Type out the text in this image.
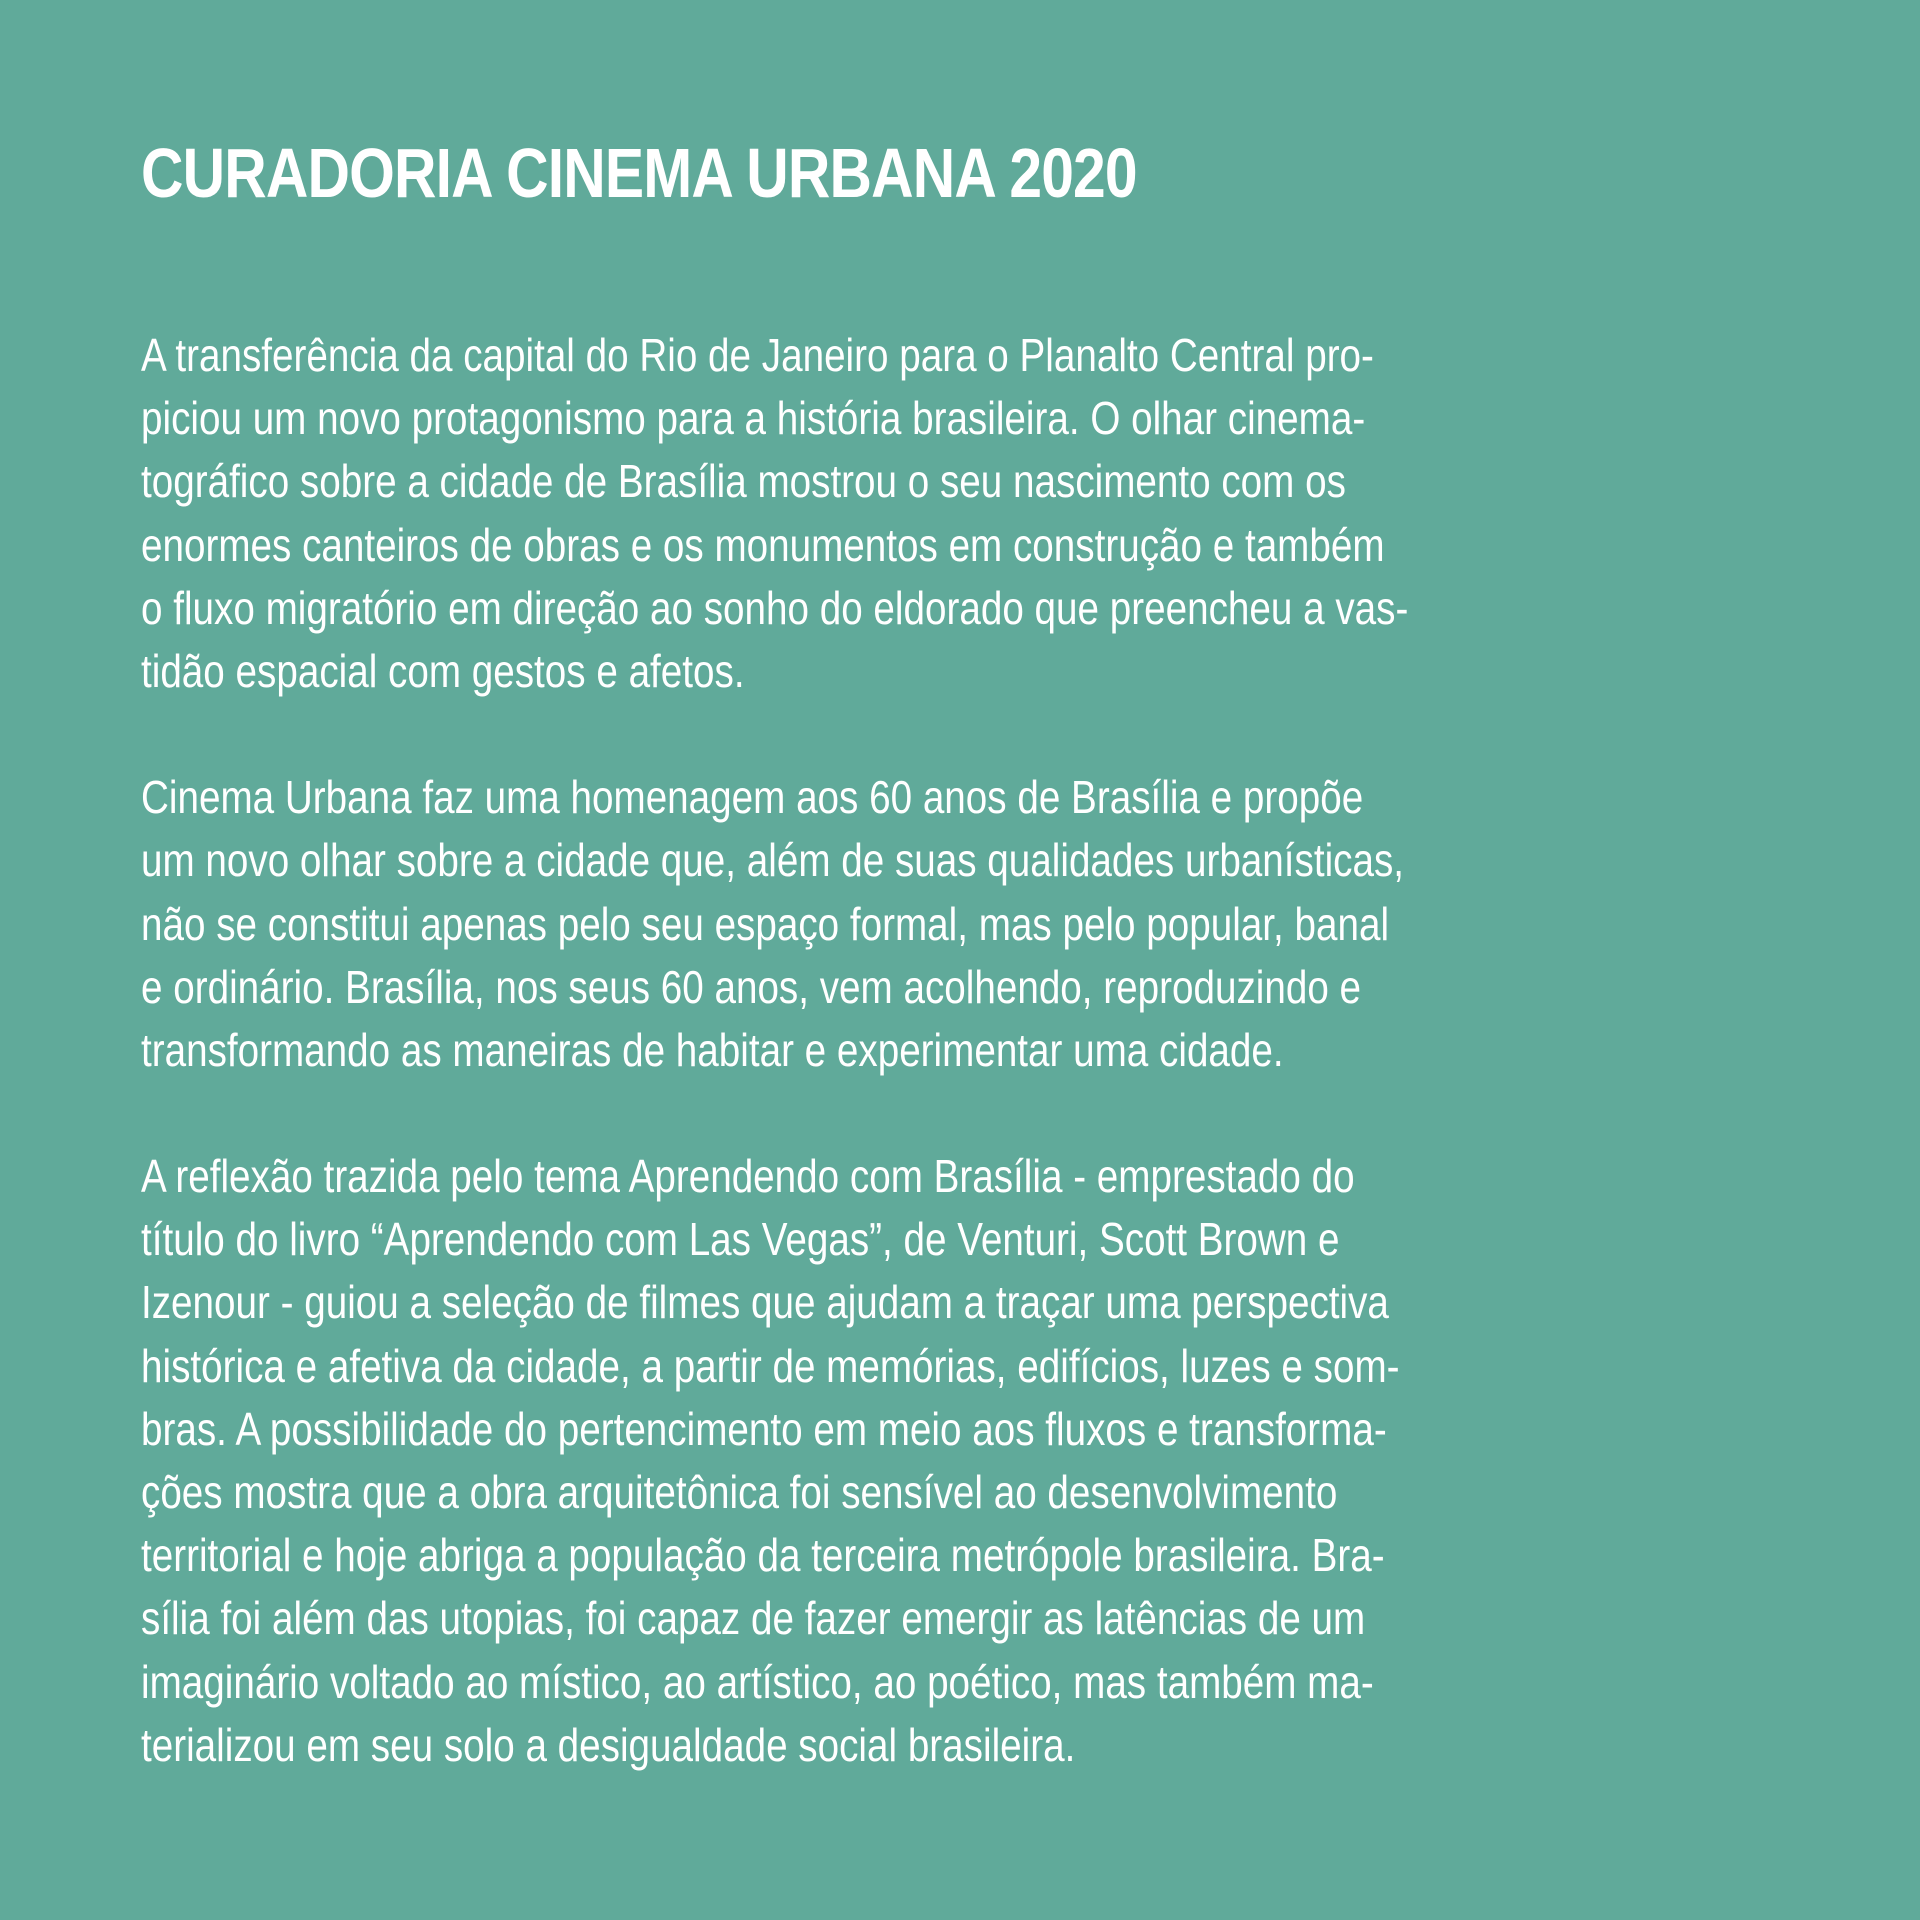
CURADORIA CINEMA URBANA 2020

A transferência da capital do Rio de Janeiro para o Planalto Central pro-
piciou um novo protagonismo para a história brasileira. O olhar cinema-
tográfico sobre a cidade de Brasília mostrou o seu nascimento com os
enormes canteiros de obras e os monumentos em construção e também
o fluxo migratório em direção ao sonho do eldorado que preencheu a vas-
tidão espacial com gestos e afetos.

Cinema Urbana faz uma homenagem aos 60 anos de Brasília e propõe
um novo olhar sobre a cidade que, além de suas qualidades urbanísticas,
não se constitui apenas pelo seu espaço formal, mas pelo popular, banal
e ordinário. Brasília, nos seus 60 anos, vem acolhendo, reproduzindo e
transformando as maneiras de habitar e experimentar uma cidade.

A reflexão trazida pelo tema Aprendendo com Brasília - emprestado do
título do livro “Aprendendo com Las Vegas”, de Venturi, Scott Brown e
Izenour - guiou a seleção de filmes que ajudam a traçar uma perspectiva
histórica e afetiva da cidade, a partir de memórias, edifícios, luzes e som-
bras. A possibilidade do pertencimento em meio aos fluxos e transforma-
ções mostra que a obra arquitetônica foi sensível ao desenvolvimento
territorial e hoje abriga a população da terceira metrópole brasileira. Bra-
sília foi além das utopias, foi capaz de fazer emergir as latências de um
imaginário voltado ao místico, ao artístico, ao poético, mas também ma-
terializou em seu solo a desigualdade social brasileira.
